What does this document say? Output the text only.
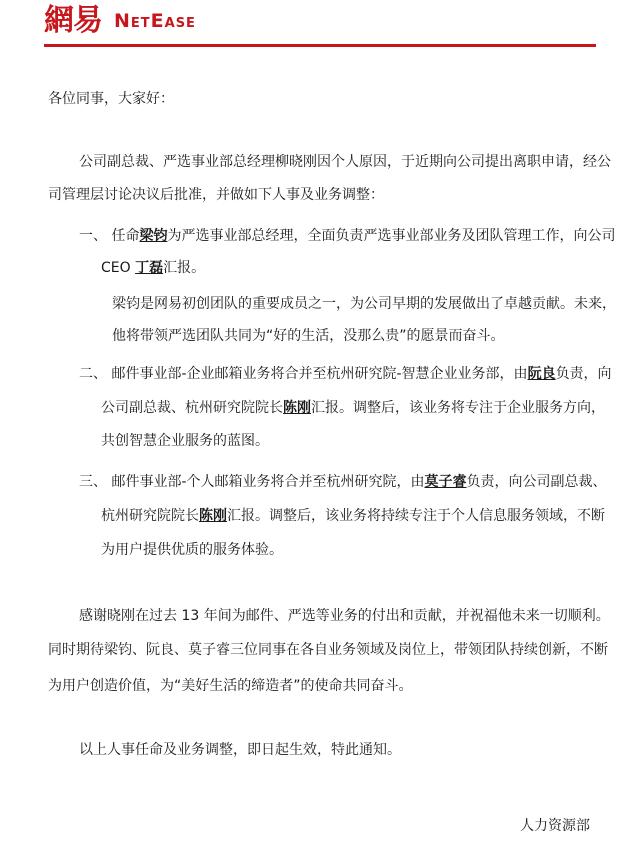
網易 NetEase
各位同事，大家好：
公司副总裁、严选事业部总经理柳晓刚因个人原因，于近期向公司提出离职申请，经公
司管理层讨论决议后批准，并做如下人事及业务调整：
一、 任命梁钧为严选事业部总经理，全面负责严选事业部业务及团队管理工作，向公司
CEO 丁磊汇报。
梁钧是网易初创团队的重要成员之一，为公司早期的发展做出了卓越贡献。未来，
他将带领严选团队共同为“好的生活，没那么贵”的愿景而奋斗。
二、 邮件事业部-企业邮箱业务将合并至杭州研究院-智慧企业业务部，由阮良负责，向
公司副总裁、杭州研究院院长陈刚汇报。调整后，该业务将专注于企业服务方向，
共创智慧企业服务的蓝图。
三、 邮件事业部-个人邮箱业务将合并至杭州研究院，由莫子睿负责，向公司副总裁、
杭州研究院院长陈刚汇报。调整后，该业务将持续专注于个人信息服务领域，不断
为用户提供优质的服务体验。
感谢晓刚在过去 13 年间为邮件、严选等业务的付出和贡献，并祝福他未来一切顺利。
同时期待梁钧、阮良、莫子睿三位同事在各自业务领域及岗位上，带领团队持续创新，不断
为用户创造价值，为“美好生活的缔造者”的使命共同奋斗。
以上人事任命及业务调整，即日起生效，特此通知。
人力资源部
